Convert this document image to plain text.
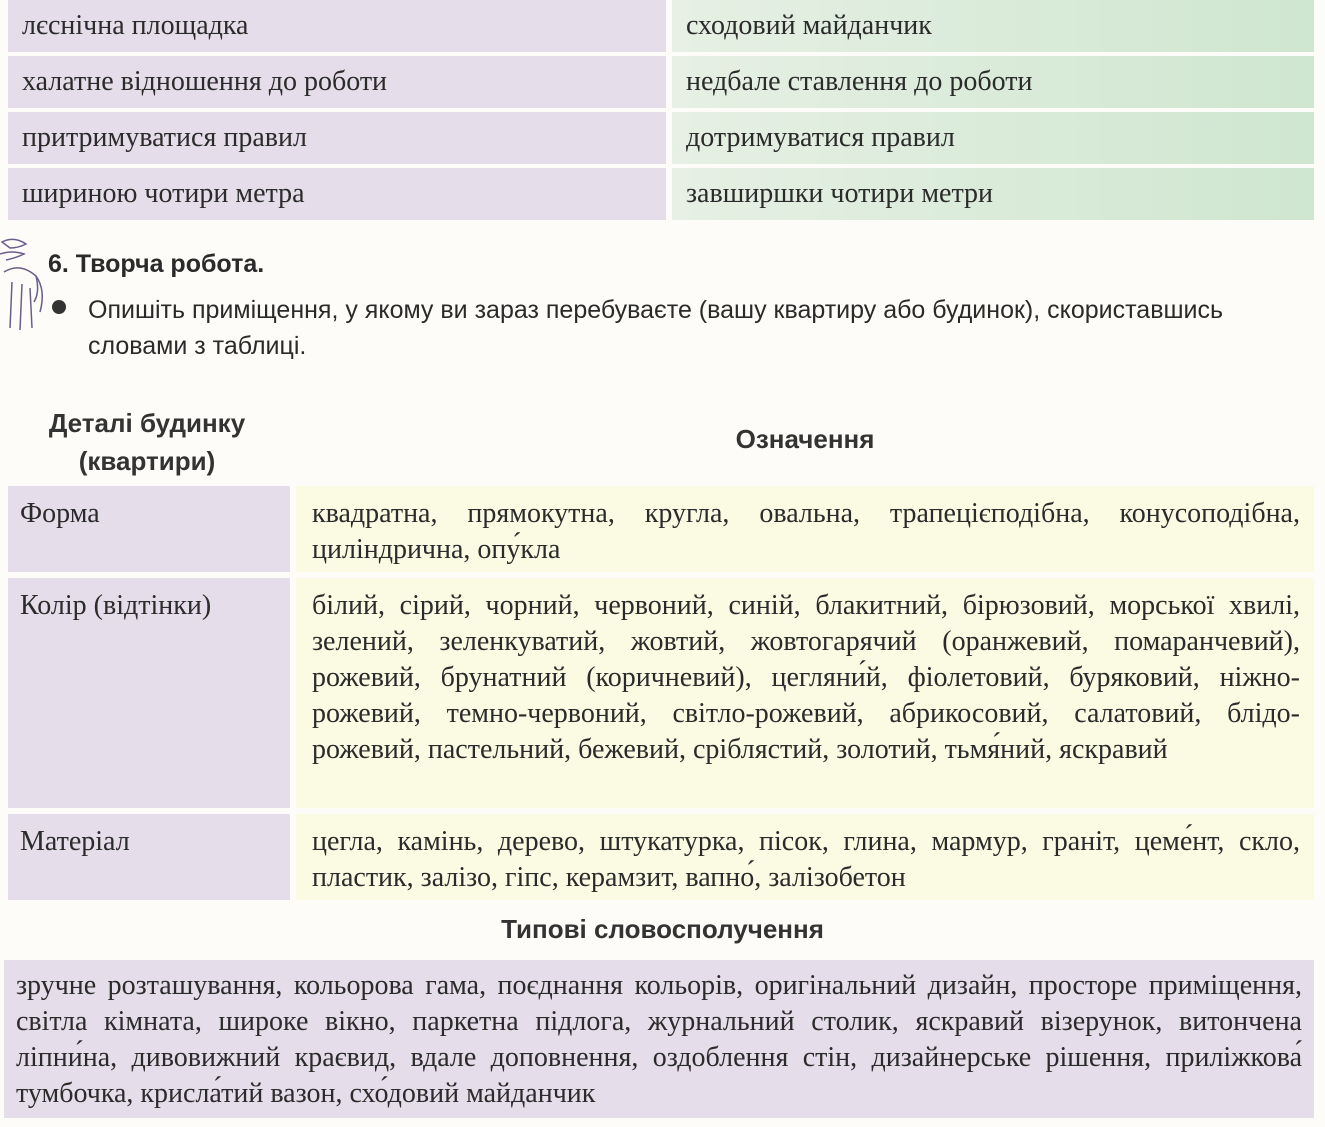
лєснічна площадка	сходовий майданчик
халатне відношення до роботи	недбале ставлення до роботи
притримуватися правил	дотримуватися правил
шириною чотири метра	завширшки чотири метри
6. Творча робота.
Опишіть приміщення, у якому ви зараз перебуваєте (вашу квартиру або будинок), скориставшись словами з таблиці.
Деталі будинку (квартири)
Означення
Форма	квадратна, прямокутна, кругла, овальна, трапецієподібна, конусоподібна, циліндрична, опу́кла
Колір (відтінки)	білий, сірий, чорний, червоний, синій, блакитний, бірюзовий, морської хвилі, зелений, зеленкуватий, жовтий, жовтогарячий (оранжевий, помаранчевий), рожевий, брунатний (коричневий), цегляни́й, фіолетовий, буряковий, ніжно-рожевий, темно-червоний, світло-рожевий, абрикосовий, салатовий, блідо-рожевий, пастельний, бежевий, сріблястий, золотий, тьмя́ний, яскравий
Матеріал	цегла, камінь, дерево, штукатурка, пісок, глина, мармур, граніт, цеме́нт, скло, пластик, залізо, гіпс, керамзит, вапно́, залізобетон
Типові словосполучення
зручне розташування, кольорова гама, поєднання кольорів, оригінальний дизайн, просторе приміщення, світла кімната, широке вікно, паркетна підлога, журнальний столик, яскравий візерунок, витончена ліпни́на, дивовижний краєвид, вдале доповнення, оздоблення стін, дизайнерське рішення, приліжкова́ тумбочка, крисла́тий вазон, схо́довий майданчик
